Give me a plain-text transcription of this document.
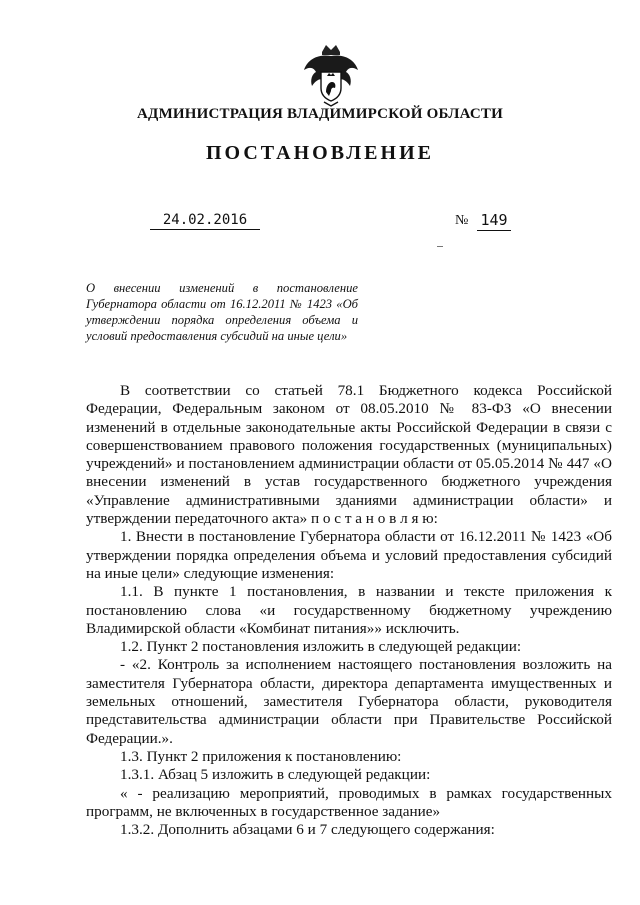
АДМИНИСТРАЦИЯ ВЛАДИМИРСКОЙ ОБЛАСТИ
ПОСТАНОВЛЕНИЕ
24.02.2016	№ 149
О внесении изменений в постановление Губернатора области от 16.12.2011 № 1423 «Об утверждении порядка определения объема и условий предоставления субсидий на иные цели»

В соответствии со статьей 78.1 Бюджетного кодекса Российской Федерации, Федеральным законом от 08.05.2010 № 83-ФЗ «О внесении изменений в отдельные законодательные акты Российской Федерации в связи с совершенствованием правового положения государственных (муниципальных) учреждений» и постановлением администрации области от 05.05.2014 № 447 «О внесении изменений в устав государственного бюджетного учреждения «Управление административными зданиями администрации области» и утверждении передаточного акта» п о с т а н о в л я ю:

1. Внести в постановление Губернатора области от 16.12.2011 № 1423 «Об утверждении порядка определения объема и условий предоставления субсидий на иные цели» следующие изменения:

1.1. В пункте 1 постановления, в названии и тексте приложения к постановлению слова «и государственному бюджетному учреждению Владимирской области «Комбинат питания»» исключить.

1.2. Пункт 2 постановления изложить в следующей редакции:

- «2. Контроль за исполнением настоящего постановления возложить на заместителя Губернатора области, директора департамента имущественных и земельных отношений, заместителя Губернатора области, руководителя представительства администрации области при Правительстве Российской Федерации.».

1.3. Пункт 2 приложения к постановлению:

1.3.1. Абзац 5 изложить в следующей редакции:

« - реализацию мероприятий, проводимых в рамках государственных программ, не включенных в государственное задание»

1.3.2. Дополнить абзацами 6 и 7 следующего содержания:
